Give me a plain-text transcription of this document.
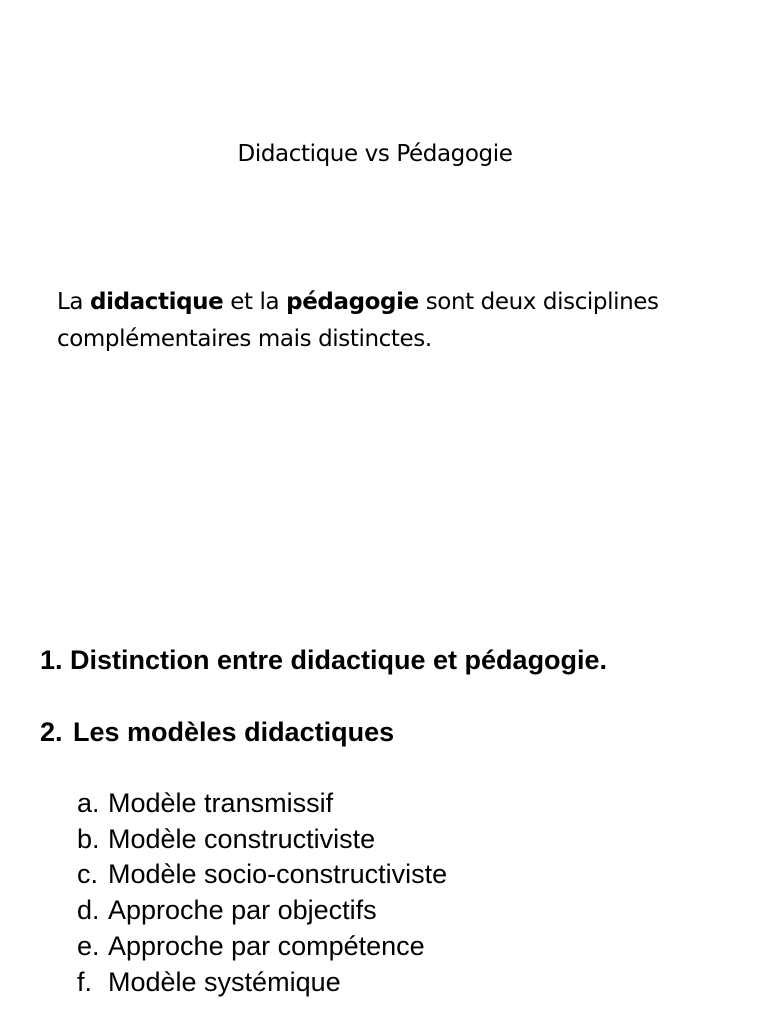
Didactique vs Pédagogie

La didactique et la pédagogie sont deux disciplines complémentaires mais distinctes.

1. Distinction entre didactique et pédagogie.
2. Les modèles didactiques
a. Modèle transmissif
b. Modèle constructiviste
c. Modèle socio-constructiviste
d. Approche par objectifs
e. Approche par compétence
f. Modèle systémique
